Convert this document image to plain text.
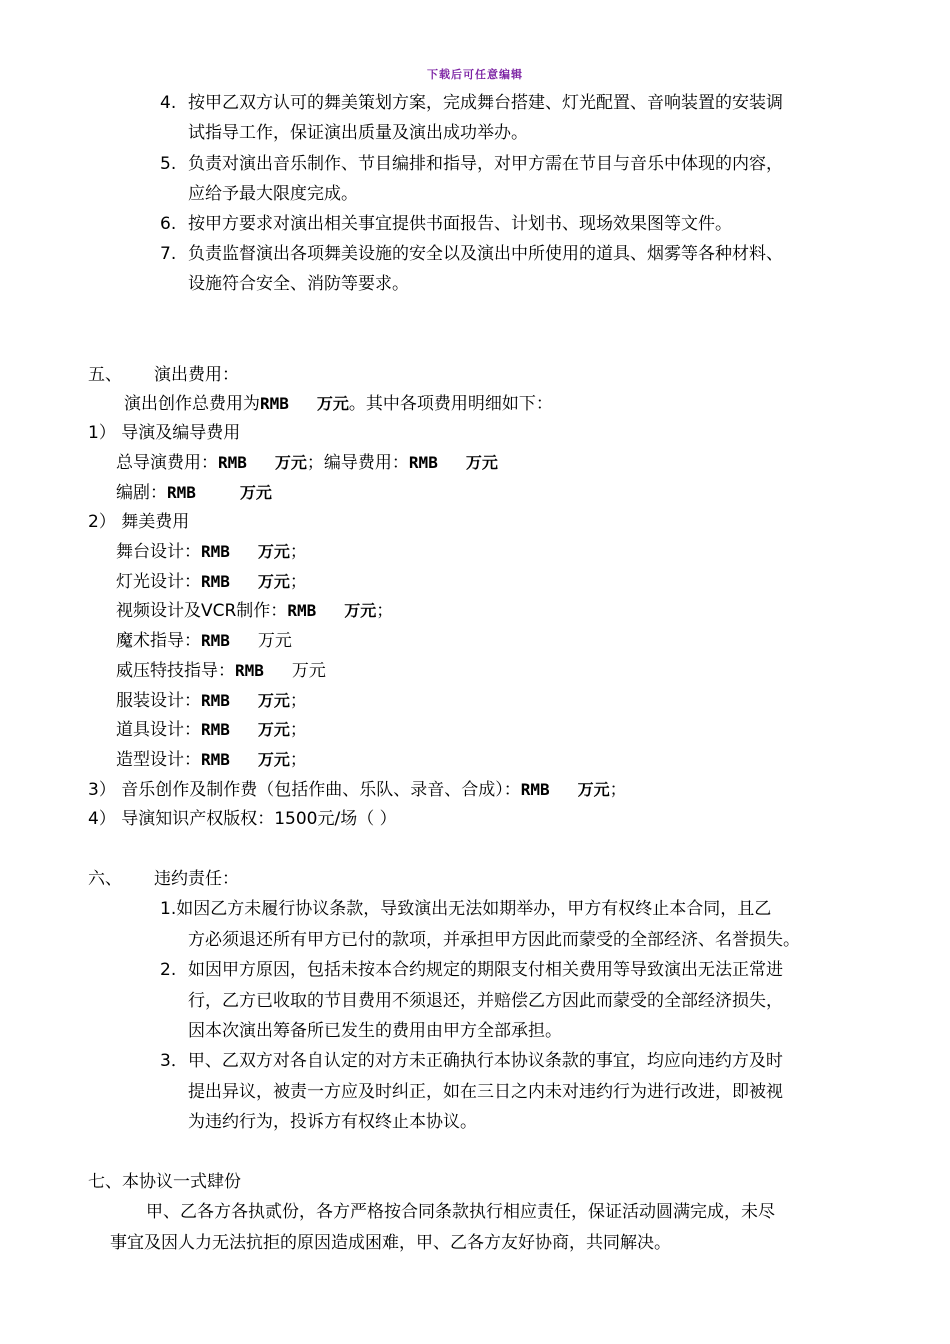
下载后可任意编辑
4. 按甲乙双方认可的舞美策划方案，完成舞台搭建、灯光配置、音响装置的安装调
试指导工作，保证演出质量及演出成功举办。
5. 负责对演出音乐制作、节目编排和指导，对甲方需在节目与音乐中体现的内容，
应给予最大限度完成。
6. 按甲方要求对演出相关事宜提供书面报告、计划书、现场效果图等文件。
7. 负责监督演出各项舞美设施的安全以及演出中所使用的道具、烟雾等各种材料、
设施符合安全、消防等要求。
五、 演出费用：
演出创作总费用为RMB 万元。其中各项费用明细如下：
1） 导演及编导费用
总导演费用：RMB 万元；编导费用：RMB 万元
编剧：RMB	万元
2） 舞美费用
舞台设计：RMB 万元；
灯光设计：RMB 万元；
视频设计及VCR制作：RMB 万元；
魔术指导：RMB 万元
威压特技指导：RMB 万元
服装设计：RMB 万元；
道具设计：RMB 万元；
造型设计：RMB 万元；
3） 音乐创作及制作费（包括作曲、乐队、录音、合成）：RMB 万元；
4） 导演知识产权版权：1500元/场（ ）
六、 违约责任：
1.如因乙方未履行协议条款，导致演出无法如期举办，甲方有权终止本合同，且乙
方必须退还所有甲方已付的款项，并承担甲方因此而蒙受的全部经济、名誉损失。
2. 如因甲方原因，包括未按本合约规定的期限支付相关费用等导致演出无法正常进
行，乙方已收取的节目费用不须退还，并赔偿乙方因此而蒙受的全部经济损失，
因本次演出筹备所已发生的费用由甲方全部承担。
3．甲、乙双方对各自认定的对方未正确执行本协议条款的事宜，均应向违约方及时
提出异议，被责一方应及时纠正，如在三日之内未对违约行为进行改进，即被视
为违约行为，投诉方有权终止本协议。
七、本协议一式肆份
甲、乙各方各执贰份，各方严格按合同条款执行相应责任，保证活动圆满完成，未尽
事宜及因人力无法抗拒的原因造成困难，甲、乙各方友好协商，共同解决。
